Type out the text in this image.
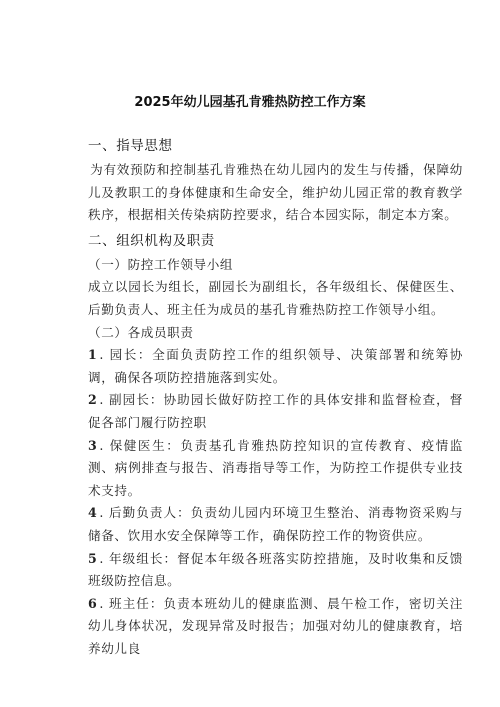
2025年幼儿园基孔肯雅热防控工作方案
一、指导思想

为有效预防和控制基孔肯雅热在幼儿园内的发生与传播，保障幼儿及教职工的身体健康和生命安全，维护幼儿园正常的教育教学秩序，根据相关传染病防控要求，结合本园实际，制定本方案。

二、组织机构及职责

（一）防控工作领导小组

成立以园长为组长，副园长为副组长，各年级组长、保健医生、后勤负责人、班主任为成员的基孔肯雅热防控工作领导小组。

（二）各成员职责

1 . 园长：全面负责防控工作的组织领导、决策部署和统筹协调，确保各项防控措施落到实处。

2 . 副园长：协助园长做好防控工作的具体安排和监督检查，督促各部门履行防控职

3 . 保健医生：负责基孔肯雅热防控知识的宣传教育、疫情监测、病例排查与报告、消毒指导等工作，为防控工作提供专业技术支持。

4 . 后勤负责人：负责幼儿园内环境卫生整治、消毒物资采购与储备、饮用水安全保障等工作，确保防控工作的物资供应。

5 . 年级组长：督促本年级各班落实防控措施，及时收集和反馈班级防控信息。

6 . 班主任：负责本班幼儿的健康监测、晨午检工作，密切关注幼儿身体状况，发现异常及时报告；加强对幼儿的健康教育，培养幼儿良
